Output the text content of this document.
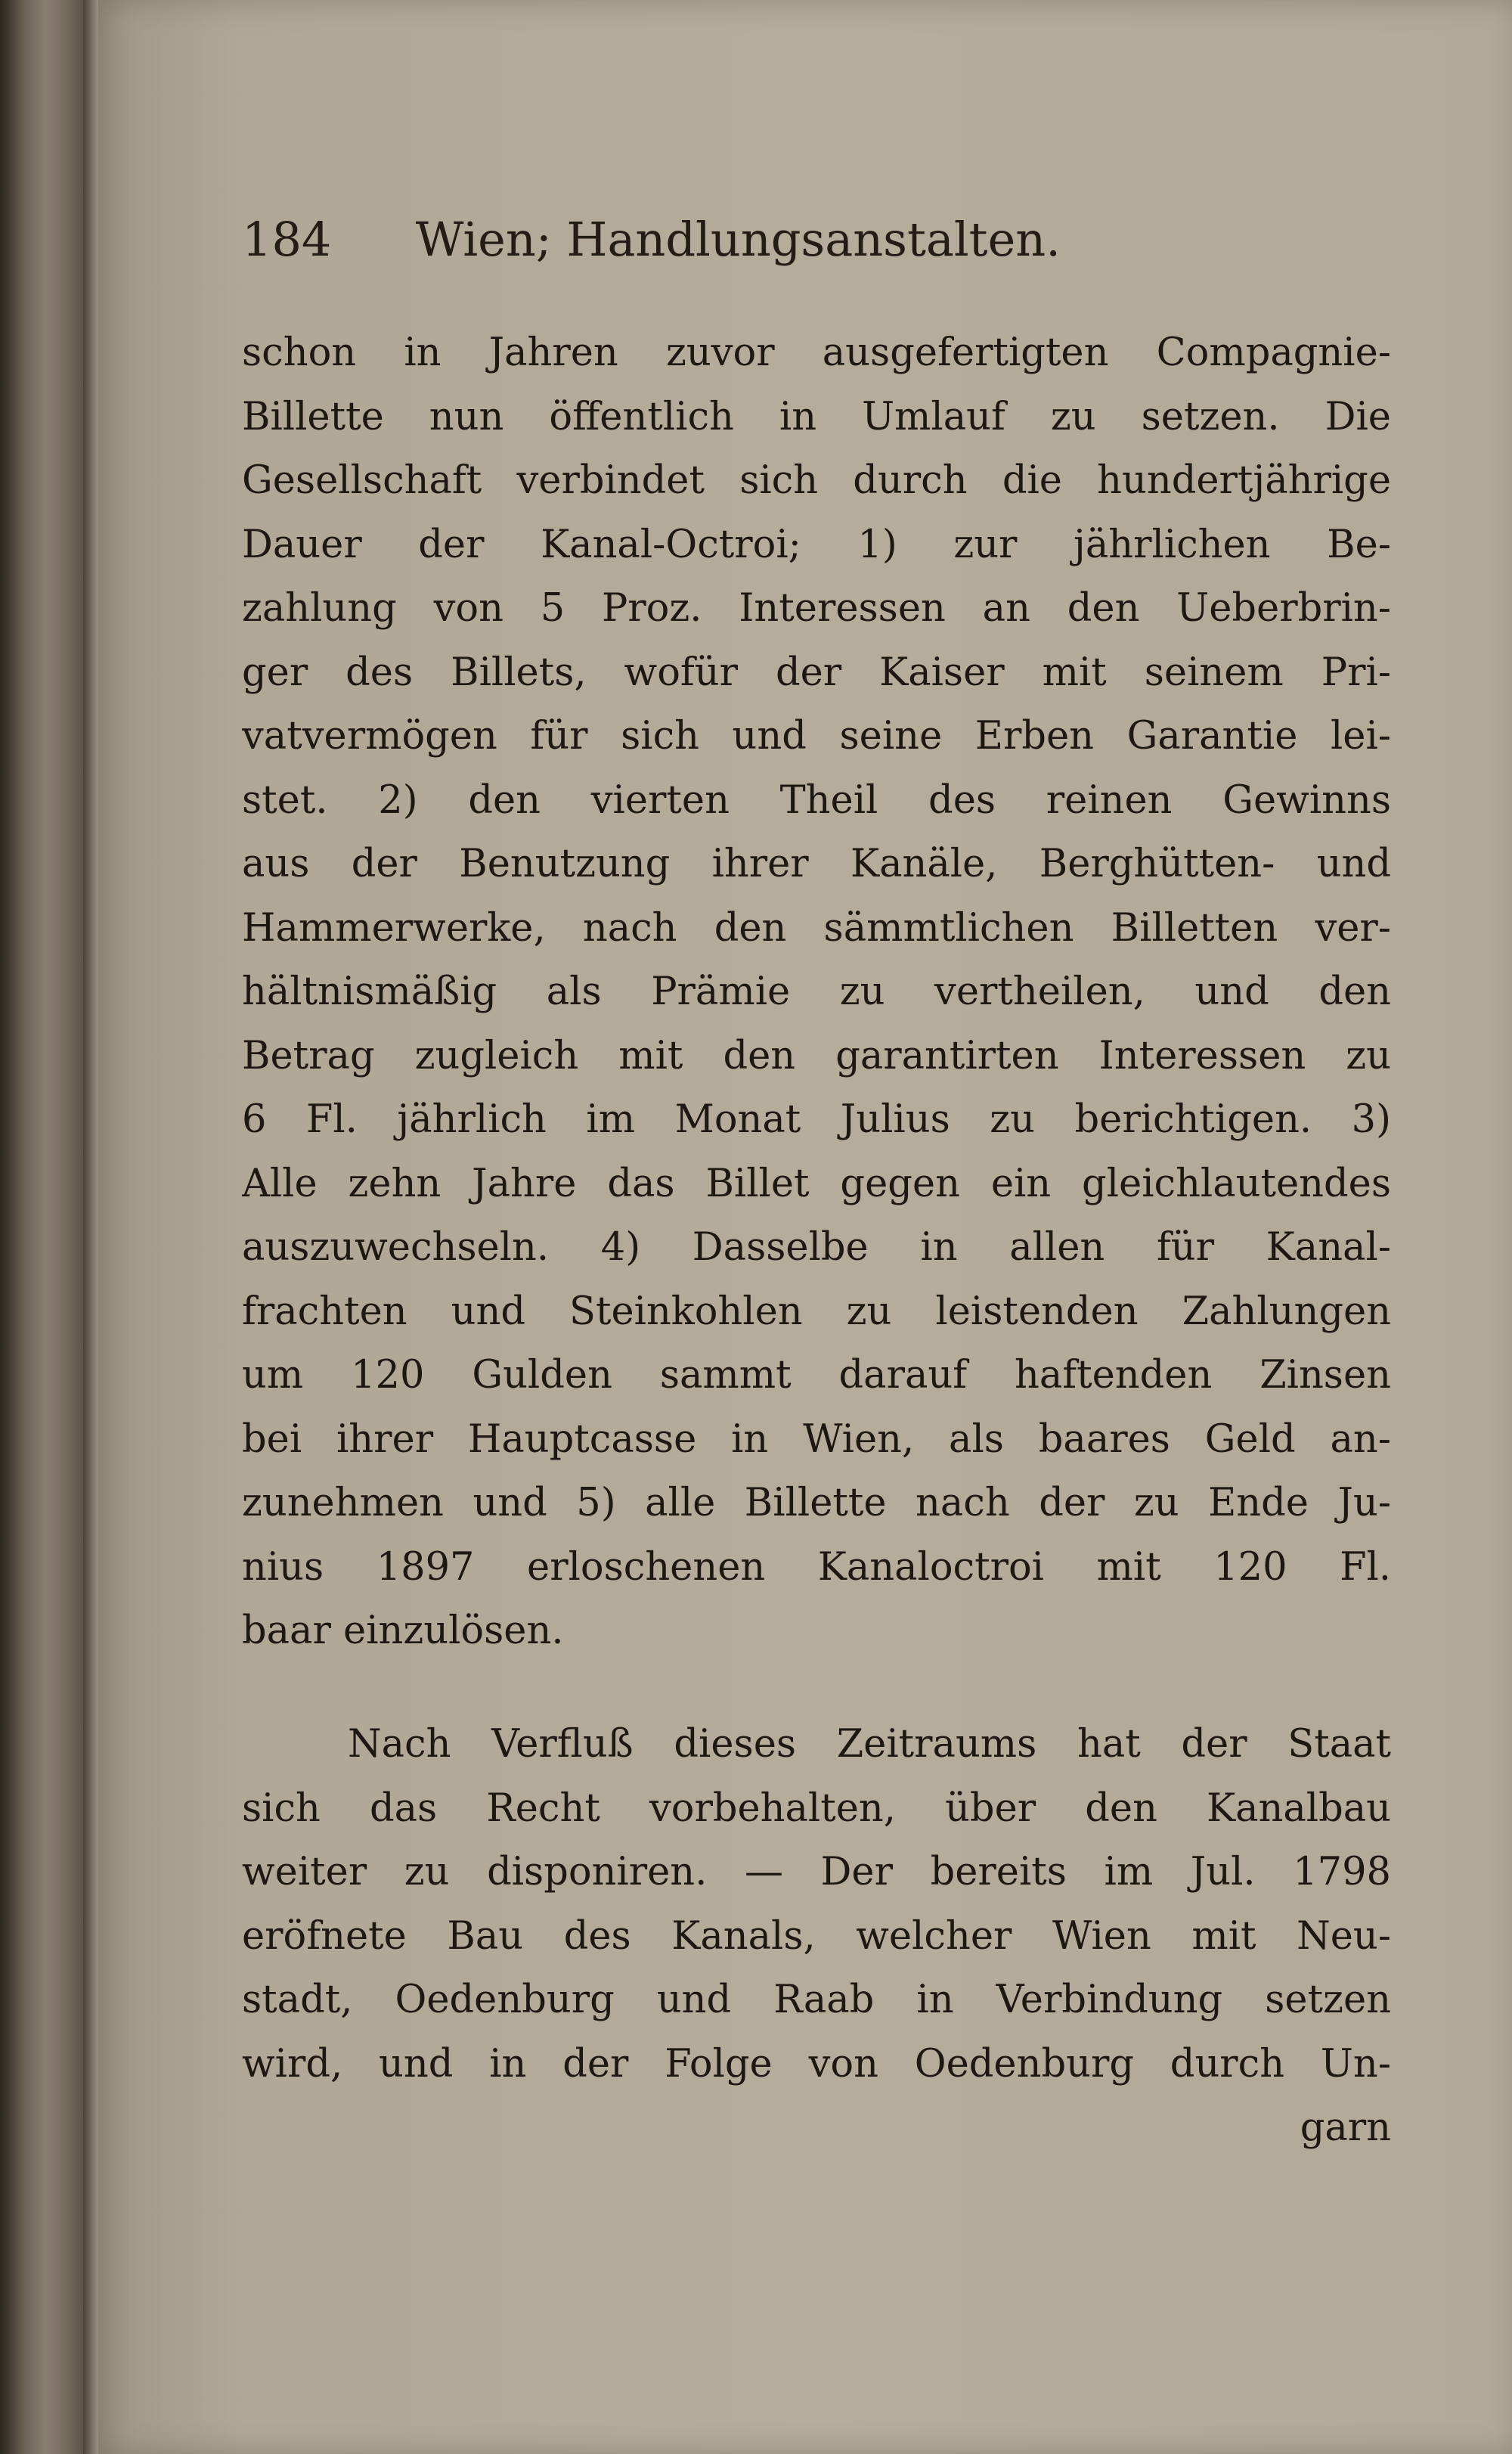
184 Wien; Handlungsanstalten.
schon in Jahren zuvor ausgefertigten Compagnie-
Billette nun öffentlich in Umlauf zu setzen. Die
Gesellschaft verbindet sich durch die hundertjährige
Dauer der Kanal-Octroi; 1) zur jährlichen Be-
zahlung von 5 Proz. Interessen an den Ueberbrin-
ger des Billets, wofür der Kaiser mit seinem Pri-
vatvermögen für sich und seine Erben Garantie lei-
stet. 2) den vierten Theil des reinen Gewinns
aus der Benutzung ihrer Kanäle, Berghütten- und
Hammerwerke, nach den sämmtlichen Billetten ver-
hältnismäßig als Prämie zu vertheilen, und den
Betrag zugleich mit den garantirten Interessen zu
6 Fl. jährlich im Monat Julius zu berichtigen. 3)
Alle zehn Jahre das Billet gegen ein gleichlautendes
auszuwechseln. 4) Dasselbe in allen für Kanal-
frachten und Steinkohlen zu leistenden Zahlungen
um 120 Gulden sammt darauf haftenden Zinsen
bei ihrer Hauptcasse in Wien, als baares Geld an-
zunehmen und 5) alle Billette nach der zu Ende Ju-
nius 1897 erloschenen Kanaloctroi mit 120 Fl.
baar einzulösen.
Nach Verfluß dieses Zeitraums hat der Staat
sich das Recht vorbehalten, über den Kanalbau
weiter zu disponiren. — Der bereits im Jul. 1798
eröfnete Bau des Kanals, welcher Wien mit Neu-
stadt, Oedenburg und Raab in Verbindung setzen
wird, und in der Folge von Oedenburg durch Un-
garn
